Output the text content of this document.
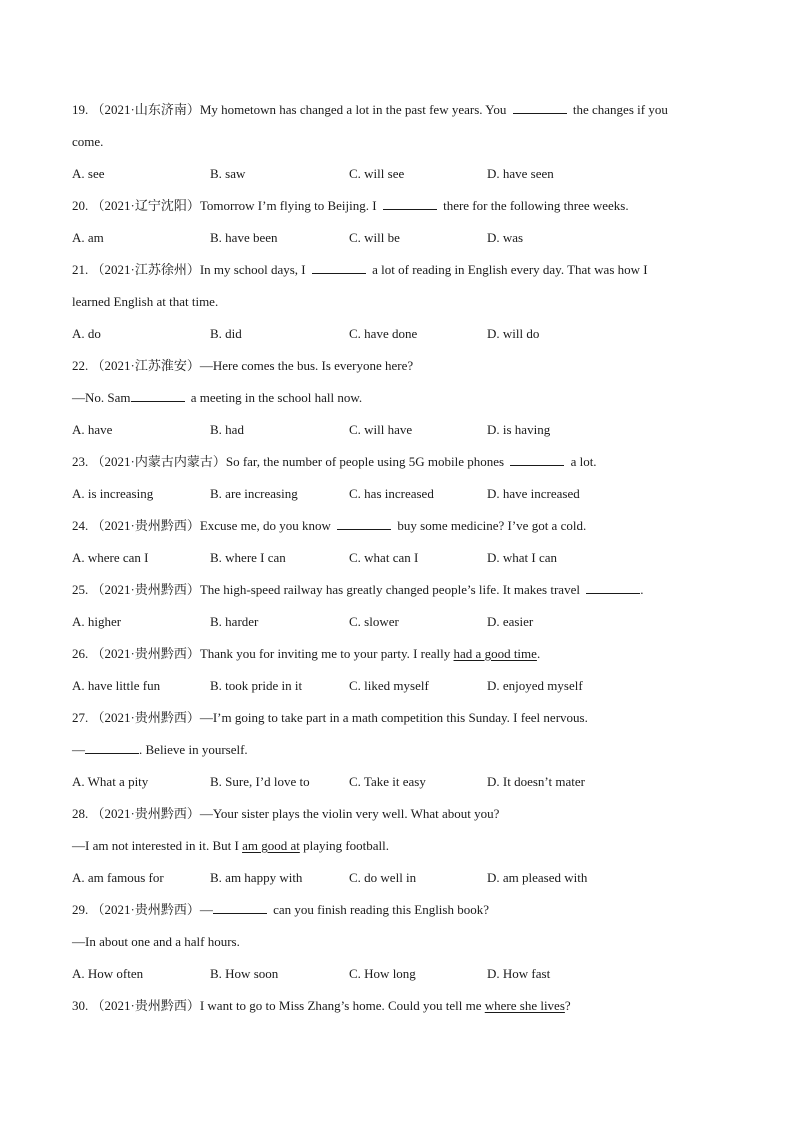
19. （2021·山东济南）My hometown has changed a lot in the past few years. You	the changes if you
come.
A. see	B. saw	C. will see	D. have seen
20. （2021·辽宁沈阳）Tomorrow I’m flying to Beijing. I	there for the following three weeks.
A. am	B. have been	C. will be	D. was
21. （2021·江苏徐州）In my school days, I	a lot of reading in English every day. That was how I
learned English at that time.
A. do	B. did	C. have done	D. will do
22. （2021·江苏淮安）—Here comes the bus. Is everyone here?
—No. Sam	a meeting in the school hall now.
A. have	B. had	C. will have	D. is having
23. （2021·内蒙古内蒙古）So far, the number of people using 5G mobile phones	a lot.
A. is increasing	B. are increasing	C. has increased	D. have increased
24. （2021·贵州黔西）Excuse me, do you know	buy some medicine? I’ve got a cold.
A. where can I	B. where I can	C. what can I	D. what I can
25. （2021·贵州黔西）The high-speed railway has greatly changed people’s life. It makes travel	.
A. higher	B. harder	C. slower	D. easier
26. （2021·贵州黔西）Thank you for inviting me to your party. I really had a good time.
A. have little fun	B. took pride in it	C. liked myself	D. enjoyed myself
27. （2021·贵州黔西）—I’m going to take part in a math competition this Sunday. I feel nervous.
—	. Believe in yourself.
A. What a pity	B. Sure, I’d love to	C. Take it easy	D. It doesn’t mater
28. （2021·贵州黔西）—Your sister plays the violin very well. What about you?
—I am not interested in it. But I am good at playing football.
A. am famous for	B. am happy with	C. do well in	D. am pleased with
29. （2021·贵州黔西）—	can you finish reading this English book?
—In about one and a half hours.
A. How often	B. How soon	C. How long	D. How fast
30. （2021·贵州黔西）I want to go to Miss Zhang’s home. Could you tell me where she lives?
